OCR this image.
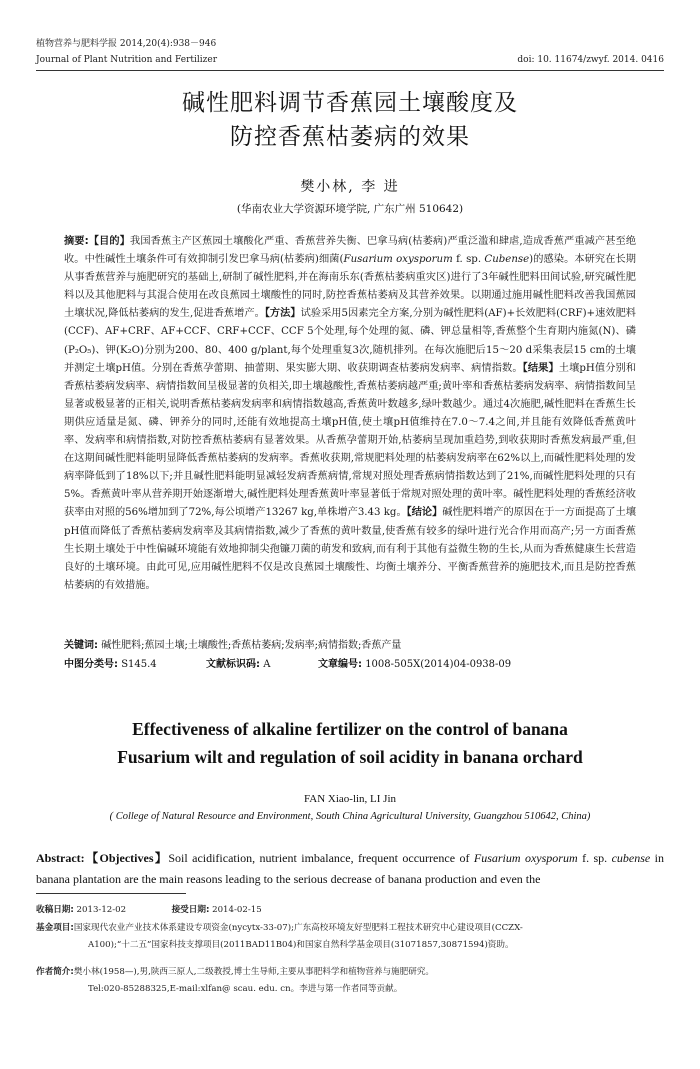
植物营养与肥料学报 2014,20(4):938－946
Journal of Plant Nutrition and Fertilizer	doi: 10. 11674/zwyf. 2014. 0416
碱性肥料调节香蕉园土壤酸度及
防控香蕉枯萎病的效果
樊小林, 李 进
(华南农业大学资源环境学院, 广东广州 510642)
摘要:【目的】我国香蕉主产区蕉园土壤酸化严重、香蕉营养失衡、巴拿马病(枯萎病)严重泛滥和肆虐,造成香蕉严重减产甚至绝收。中性碱性土壤条件可有效抑制引发巴拿马病(枯萎病)细菌(Fusarium oxysporum f. sp. Cubense)的感染。本研究在长期从事香蕉营养与施肥研究的基础上,研制了碱性肥料,并在海南乐东(香蕉枯萎病重灾区)进行了3年碱性肥料田间试验,研究碱性肥料以及其他肥料与其混合使用在改良蕉园土壤酸性的同时,防控香蕉枯萎病及其营养效果。以期通过施用碱性肥料改善我国蕉园土壤状况,降低枯萎病的发生,促进香蕉增产。【方法】试验采用5因素完全方案,分别为碱性肥料(AF)+长效肥料(CRF)+速效肥料(CCF)、AF+CRF、AF+CCF、CRF+CCF、CCF 5个处理,每个处理的氮、磷、钾总量相等,香蕉整个生育期内施氮(N)、磷(P₂O₅)、钾(K₂O)分别为200、80、400 g/plant,每个处理重复3次,随机排列。在每次施肥后15～20 d采集表层15 cm的土壤并测定土壤pH值。分别在香蕉孕蕾期、抽蕾期、果实膨大期、收获期调查枯萎病发病率、病情指数。【结果】土壤pH值分别和香蕉枯萎病发病率、病情指数间呈极显著的负相关,即土壤越酸性,香蕉枯萎病越严重;黄叶率和香蕉枯萎病发病率、病情指数间呈显著或极显著的正相关,说明香蕉枯萎病发病率和病情指数越高,香蕉黄叶数越多,绿叶数越少。通过4次施肥,碱性肥料在香蕉生长期供应适量是氮、磷、钾养分的同时,还能有效地提高土壤pH值,使土壤pH值维持在7.0～7.4之间,并且能有效降低香蕉黄叶率、发病率和病情指数,对防控香蕉枯萎病有显著效果。从香蕉孕蕾期开始,枯萎病呈现加重趋势,到收获期时香蕉发病最严重,但在这期间碱性肥料能明显降低香蕉枯萎病的发病率。香蕉收获期,常规肥料处理的枯萎病发病率在62%以上,而碱性肥料处理的发病率降低到了18%以下;并且碱性肥料能明显减轻发病香蕉病情,常规对照处理香蕉病情指数达到了21%,而碱性肥料处理的只有5%。香蕉黄叶率从营养期开始逐渐增大,碱性肥料处理香蕉黄叶率显著低于常规对照处理的黄叶率。碱性肥料处理的香蕉经济收获率由对照的56%增加到了72%,每公顷增产13267 kg,单株增产3.43 kg。【结论】碱性肥料增产的原因在于一方面提高了土壤pH值而降低了香蕉枯萎病发病率及其病情指数,减少了香蕉的黄叶数量,使香蕉有较多的绿叶进行光合作用而高产;另一方面香蕉生长期土壤处于中性偏碱环境能有效地抑制尖孢镰刀菌的萌发和致病,而有利于其他有益微生物的生长,从而为香蕉健康生长营造良好的土壤环境。由此可见,应用碱性肥料不仅是改良蕉园土壤酸性、均衡土壤养分、平衡香蕉营养的施肥技术,而且是防控香蕉枯萎病的有效措施。
关键词: 碱性肥料;蕉园土壤;土壤酸性;香蕉枯萎病;发病率;病情指数;香蕉产量
中图分类号: S145.4	文献标识码: A	文章编号: 1008-505X(2014)04-0938-09
Effectiveness of alkaline fertilizer on the control of banana
Fusarium wilt and regulation of soil acidity in banana orchard
FAN Xiao-lin, LI Jin
( College of Natural Resource and Environment, South China Agricultural University, Guangzhou 510642, China)
Abstract:【Objectives】Soil acidification, nutrient imbalance, frequent occurrence of Fusarium oxysporum f. sp. cubense in banana plantation are the main reasons leading to the serious decrease of banana production and even the
收稿日期: 2013-12-02	接受日期: 2014-02-15
基金项目:国家现代农业产业技术体系建设专项资金(nycytx-33-07);广东高校环境友好型肥料工程技术研究中心建设项目(CCZX-
A100);“十二五”国家科技支撑项目(2011BAD11B04)和国家自然科学基金项目(31071857,30871594)资助。
作者简介:樊小林(1958—),男,陕西三原人,二级教授,博士生导师,主要从事肥料学和植物营养与施肥研究。
Tel:020-85288325,E-mail:xlfan@ scau. edu. cn。李进与第一作者同等贡献。
